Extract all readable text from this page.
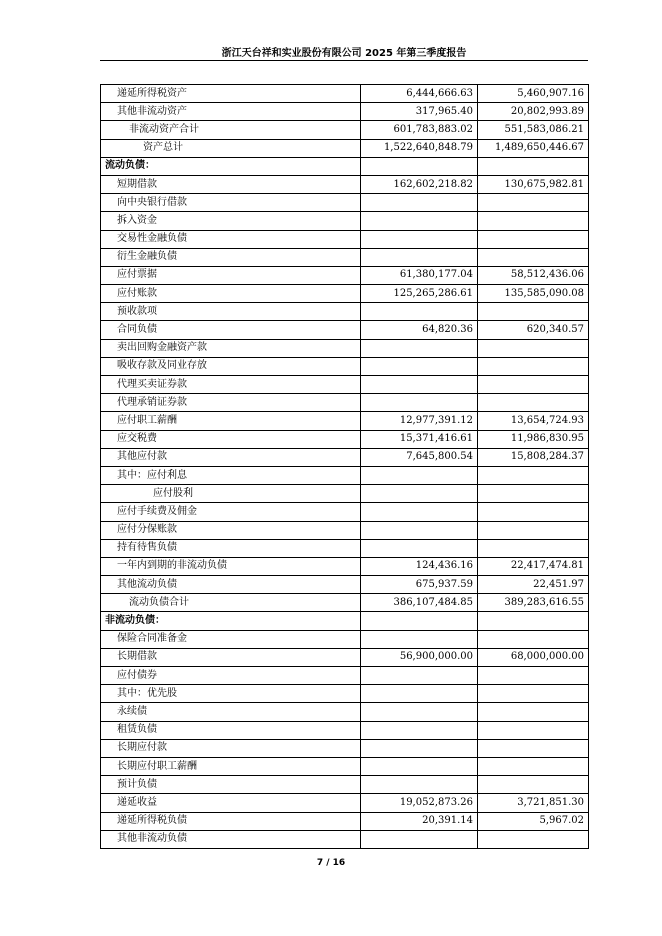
浙江天台祥和实业股份有限公司 2025 年第三季度报告
递延所得税资产	6,444,666.63	5,460,907.16
其他非流动资产	317,965.40	20,802,993.89
非流动资产合计	601,783,883.02	551,583,086.21
资产总计	1,522,640,848.79	1,489,650,446.67
流动负债：		
短期借款	162,602,218.82	130,675,982.81
向中央银行借款		
拆入资金		
交易性金融负债		
衍生金融负债		
应付票据	61,380,177.04	58,512,436.06
应付账款	125,265,286.61	135,585,090.08
预收款项		
合同负债	64,820.36	620,340.57
卖出回购金融资产款		
吸收存款及同业存放		
代理买卖证券款		
代理承销证券款		
应付职工薪酬	12,977,391.12	13,654,724.93
应交税费	15,371,416.61	11,986,830.95
其他应付款	7,645,800.54	15,808,284.37
其中：应付利息		
应付股利		
应付手续费及佣金		
应付分保账款		
持有待售负债		
一年内到期的非流动负债	124,436.16	22,417,474.81
其他流动负债	675,937.59	22,451.97
流动负债合计	386,107,484.85	389,283,616.55
非流动负债：		
保险合同准备金		
长期借款	56,900,000.00	68,000,000.00
应付债券		
其中：优先股		
永续债		
租赁负债		
长期应付款		
长期应付职工薪酬		
预计负债		
递延收益	19,052,873.26	3,721,851.30
递延所得税负债	20,391.14	5,967.02
其他非流动负债		
7 / 16
